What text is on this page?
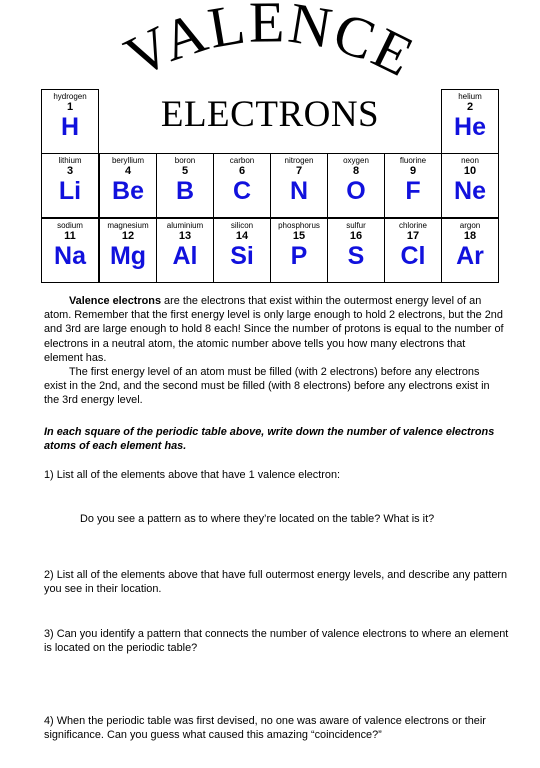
VALENCE
ELECTRONS
hydrogen
1
H
helium
2
He
lithium
3
Li
beryllium
4
Be
boron
5
B
carbon
6
C
nitrogen
7
N
oxygen
8
O
fluorine
9
F
neon
10
Ne
sodium
11
Na
magnesium
12
Mg
aluminium
13
Al
silicon
14
Si
phosphorus
15
P
sulfur
16
S
chlorine
17
Cl
argon
18
Ar

Valence electrons are the electrons that exist within the outermost energy level of an atom. Remember that the first energy level is only large enough to hold 2 electrons, but the 2nd and 3rd are large enough to hold 8 each! Since the number of protons is equal to the number of electrons in a neutral atom, the atomic number above tells you how many electrons that element has.

The first energy level of an atom must be filled (with 2 electrons) before any electrons exist in the 2nd, and the second must be filled (with 8 electrons) before any electrons exist in the 3rd energy level.

In each square of the periodic table above, write down the number of valence electrons atoms of each element has.
1) List all of the elements above that have 1 valence electron:
Do you see a pattern as to where they’re located on the table? What is it?
2) List all of the elements above that have full outermost energy levels, and describe any pattern you see in their location.
3) Can you identify a pattern that connects the number of valence electrons to where an element is located on the periodic table?
4) When the periodic table was first devised, no one was aware of valence electrons or their significance. Can you guess what caused this amazing “coincidence?”
